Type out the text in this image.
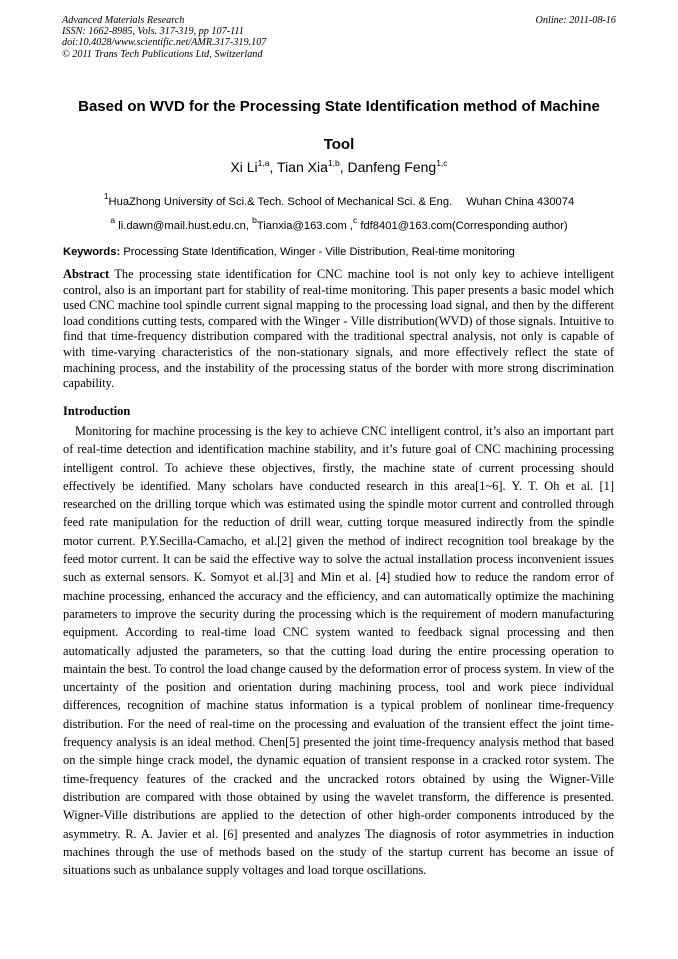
Advanced Materials Research
ISSN: 1662-8985, Vols. 317-319, pp 107-111
doi:10.4028/www.scientific.net/AMR.317-319.107
© 2011 Trans Tech Publications Ltd, Switzerland
Online: 2011-08-16
Based on WVD for the Processing State Identification method of Machine Tool
Xi Li$^{1,a}$, Tian Xia$^{1,b}$, Danfeng Feng$^{1,c}$
$^1$HuaZhong University of Sci.& Tech. School of Mechanical Sci. & Eng. Wuhan China 430074
$^a$ li.dawn@mail.hust.edu.cn, $^b$Tianxia@163.com ,$^c$ fdf8401@163.com(Corresponding author)
Keywords: Processing State Identification, Winger - Ville Distribution, Real-time monitoring
Abstract The processing state identification for CNC machine tool is not only key to achieve intelligent control, also is an important part for stability of real-time monitoring. This paper presents a basic model which used CNC machine tool spindle current signal mapping to the processing load signal, and then by the different load conditions cutting tests, compared with the Winger - Ville distribution(WVD) of those signals. Intuitive to find that time-frequency distribution compared with the traditional spectral analysis, not only is capable of with time-varying characteristics of the non-stationary signals, and more effectively reflect the state of machining process, and the instability of the processing status of the border with more strong discrimination capability.
Introduction
Monitoring for machine processing is the key to achieve CNC intelligent control, it’s also an important part of real-time detection and identification machine stability, and it’s future goal of CNC machining processing intelligent control. To achieve these objectives, firstly, the machine state of current processing should effectively be identified. Many scholars have conducted research in this area[1~6]. Y. T. Oh et al. [1] researched on the drilling torque which was estimated using the spindle motor current and controlled through feed rate manipulation for the reduction of drill wear, cutting torque measured indirectly from the spindle motor current. P.Y.Secilla-Camacho, et al.[2] given the method of indirect recognition tool breakage by the feed motor current. It can be said the effective way to solve the actual installation process inconvenient issues such as external sensors. K. Somyot et al.[3] and Min et al. [4] studied how to reduce the random error of machine processing, enhanced the accuracy and the efficiency, and can automatically optimize the machining parameters to improve the security during the processing which is the requirement of modern manufacturing equipment. According to real-time load CNC system wanted to feedback signal processing and then automatically adjusted the parameters, so that the cutting load during the entire processing operation to maintain the best. To control the load change caused by the deformation error of process system. In view of the uncertainty of the position and orientation during machining process, tool and work piece individual differences, recognition of machine status information is a typical problem of nonlinear time-frequency distribution. For the need of real-time on the processing and evaluation of the transient effect the joint time-frequency analysis is an ideal method. Chen[5] presented the joint time-frequency analysis method that based on the simple hinge crack model, the dynamic equation of transient response in a cracked rotor system. The time-frequency features of the cracked and the uncracked rotors obtained by using the Wigner-Ville distribution are compared with those obtained by using the wavelet transform, the difference is presented. Wigner-Ville distributions are applied to the detection of other high-order components introduced by the asymmetry. R. A. Javier et al. [6] presented and analyzes The diagnosis of rotor asymmetries in induction machines through the use of methods based on the study of the startup current has become an issue of situations such as unbalance supply voltages and load torque oscillations.
